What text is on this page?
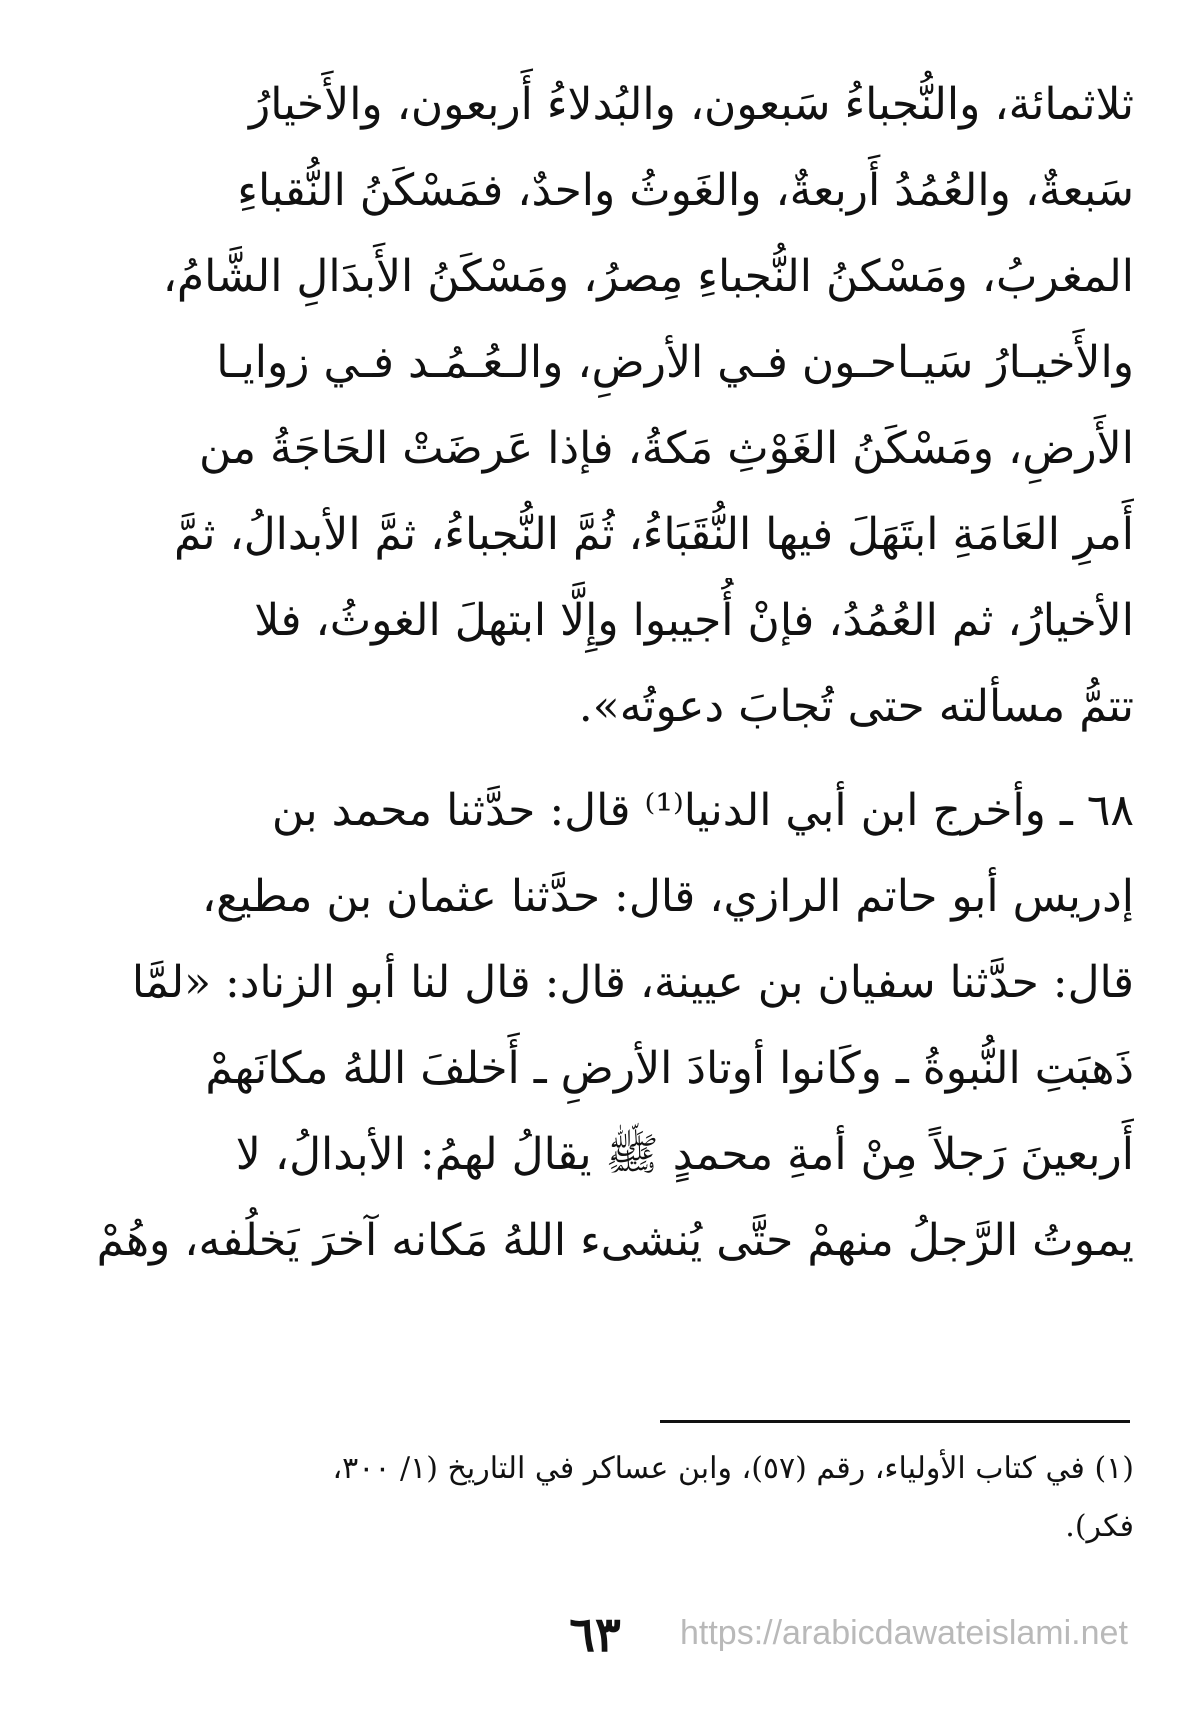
ثلاثمائة، والنُّجباءُ سَبعون، والبُدلاءُ أَربعون، والأَخيارُ
سَبعةٌ، والعُمُدُ أَربعةٌ، والغَوثُ واحدٌ، فمَسْكَنُ النُّقباءِ
المغربُ، ومَسْكنُ النُّجباءِ مِصرُ، ومَسْكَنُ الأَبدَالِ الشَّامُ،
والأَخيـارُ سَيـاحـون فـي الأرضِ، والـعُـمُـد فـي زوايـا
الأَرضِ، ومَسْكَنُ الغَوْثِ مَكةُ، فإذا عَرضَتْ الحَاجَةُ من
أَمرِ العَامَةِ ابتَهَلَ فيها النُّقَبَاءُ، ثُمَّ النُّجباءُ، ثمَّ الأبدالُ، ثمَّ
الأخيارُ، ثم العُمُدُ، فإنْ أُجيبوا وإِلَّا ابتهلَ الغوثُ، فلا
تتمُّ مسألته حتى تُجابَ دعوتُه».
٦٨ ـ وأخرج ابن أبي الدنيا⁽¹⁾ قال: حدَّثنا محمد بن
إدريس أبو حاتم الرازي، قال: حدَّثنا عثمان بن مطيع،
قال: حدَّثنا سفيان بن عيينة، قال: قال لنا أبو الزناد: «لمَّا
ذَهبَتِ النُّبوةُ ـ وكَانوا أوتادَ الأرضِ ـ أَخلفَ اللهُ مكانَهمْ
أَربعينَ رَجلاً مِنْ أمةِ محمدٍ ﷺ يقالُ لهمُ: الأبدالُ، لا
يموتُ الرَّجلُ منهمْ حتَّى يُنشىء اللهُ مَكانه آخرَ يَخلُفه، وهُمْ
(١) في كتاب الأولياء، رقم (٥٧)، وابن عساكر في التاريخ (١/ ٣٠٠،
فكر).
٦٣	https://arabicdawateislami.net
